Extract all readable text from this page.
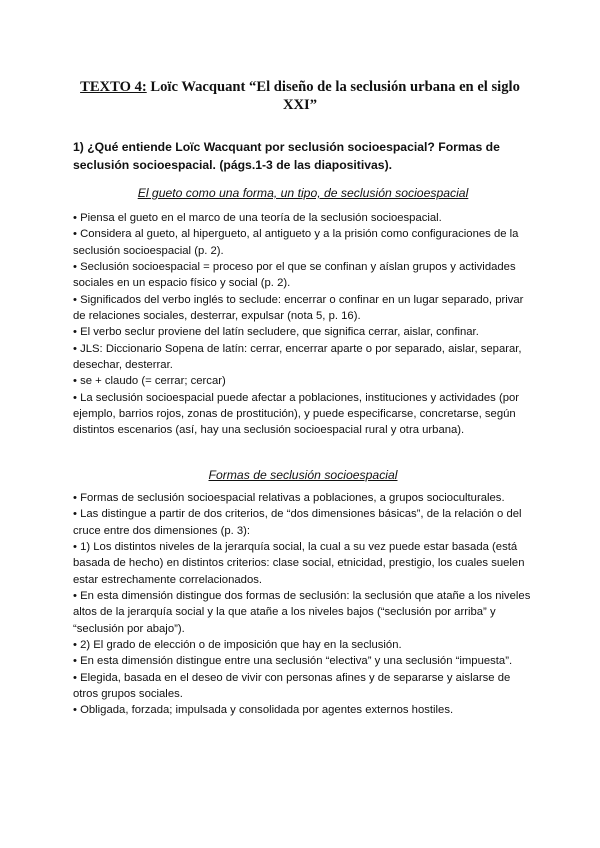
TEXTO 4: Loïc Wacquant “El diseño de la seclusión urbana en el siglo XXI”

1) ¿Qué entiende Loïc Wacquant por seclusión socioespacial? Formas de seclusión socioespacial. (págs.1-3 de las diapositivas).

El gueto como una forma, un tipo, de seclusión socioespacial

• Piensa el gueto en el marco de una teoría de la seclusión socioespacial.

• Considera al gueto, al hipergueto, al antigueto y a la prisión como configuraciones de la seclusión socioespacial (p. 2).

• Seclusión socioespacial = proceso por el que se confinan y aíslan grupos y actividades sociales en un espacio físico y social (p. 2).

• Significados del verbo inglés to seclude: encerrar o confinar en un lugar separado, privar de relaciones sociales, desterrar, expulsar (nota 5, p. 16).

• El verbo seclur proviene del latín secludere, que significa cerrar, aislar, confinar.

• JLS: Diccionario Sopena de latín: cerrar, encerrar aparte o por separado, aislar, separar, desechar, desterrar.

• se + claudo (= cerrar; cercar)

• La seclusión socioespacial puede afectar a poblaciones, instituciones y actividades (por ejemplo, barrios rojos, zonas de prostitución), y puede especificarse, concretarse, según distintos escenarios (así, hay una seclusión socioespacial rural y otra urbana).

Formas de seclusión socioespacial

• Formas de seclusión socioespacial relativas a poblaciones, a grupos socioculturales.

• Las distingue a partir de dos criterios, de “dos dimensiones básicas”, de la relación o del cruce entre dos dimensiones (p. 3):

• 1) Los distintos niveles de la jerarquía social, la cual a su vez puede estar basada (está basada de hecho) en distintos criterios: clase social, etnicidad, prestigio, los cuales suelen estar estrechamente correlacionados.

• En esta dimensión distingue dos formas de seclusión: la seclusión que atañe a los niveles altos de la jerarquía social y la que atañe a los niveles bajos (“seclusión por arriba” y “seclusión por abajo”).

• 2) El grado de elección o de imposición que hay en la seclusión.

• En esta dimensión distingue entre una seclusión “electiva” y una seclusión “impuesta”.

• Elegida, basada en el deseo de vivir con personas afines y de separarse y aislarse de otros grupos sociales.

• Obligada, forzada; impulsada y consolidada por agentes externos hostiles.
